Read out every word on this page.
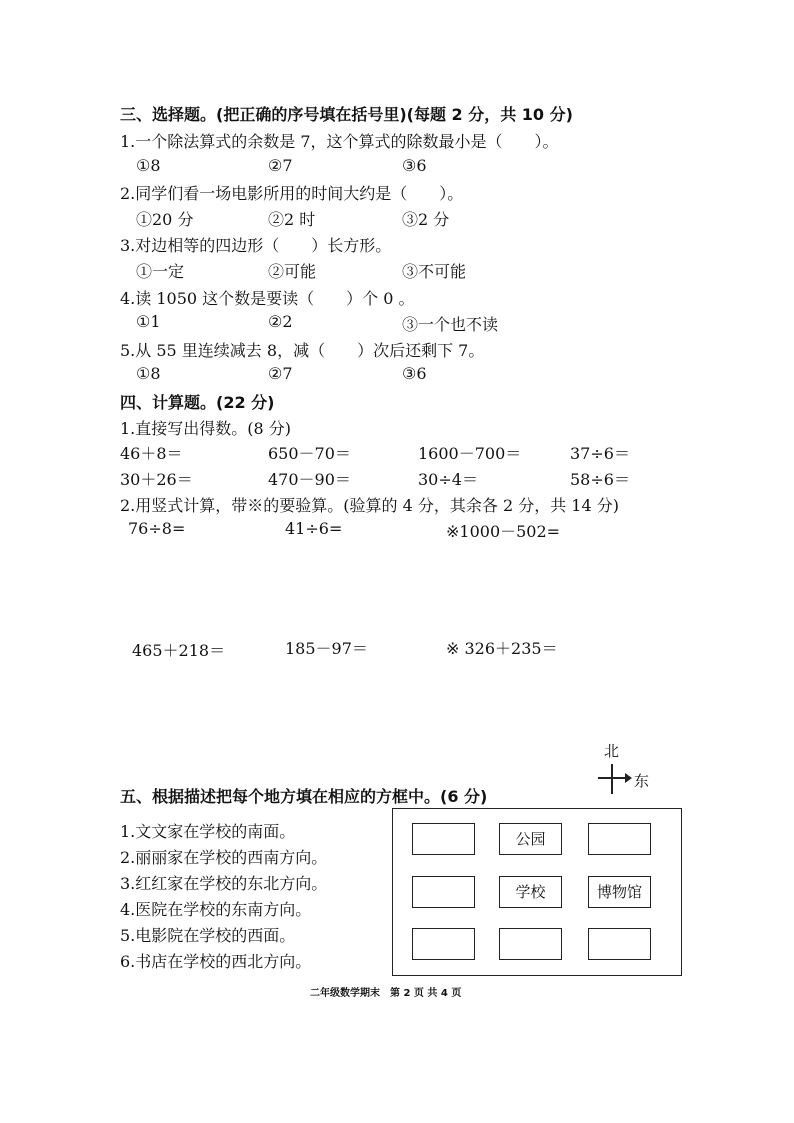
三、选择题。(把正确的序号填在括号里)(每题 2 分，共 10 分)
1.一个除法算式的余数是 7，这个算式的除数最小是（　　）。
①8	②7	③6
2.同学们看一场电影所用的时间大约是（　　）。
①20 分	②2 时	③2 分
3.对边相等的四边形（　　）长方形。
①一定	②可能	③不可能
4.读 1050 这个数是要读（　　）个 0 。
①1	②2	③一个也不读
5.从 55 里连续减去 8，减（　　）次后还剩下 7。
①8	②7	③6
四、计算题。(22 分)
1.直接写出得数。(8 分)
46＋8＝	650－70＝	1600－700＝	37÷6＝
30＋26＝	470－90＝	30÷4＝	58÷6＝
2.用竖式计算，带※的要验算。(验算的 4 分，其余各 2 分，共 14 分)
76÷8=	41÷6=	※1000－502=
465＋218＝	185－97＝	※ 326＋235＝
北
东
五、根据描述把每个地方填在相应的方框中。(6 分)
1.文文家在学校的南面。
2.丽丽家在学校的西南方向。
3.红红家在学校的东北方向。
4.医院在学校的东南方向。
5.电影院在学校的西面。
6.书店在学校的西北方向。
公园
学校	博物馆
二年级数学期末　第 2 页 共 4 页
